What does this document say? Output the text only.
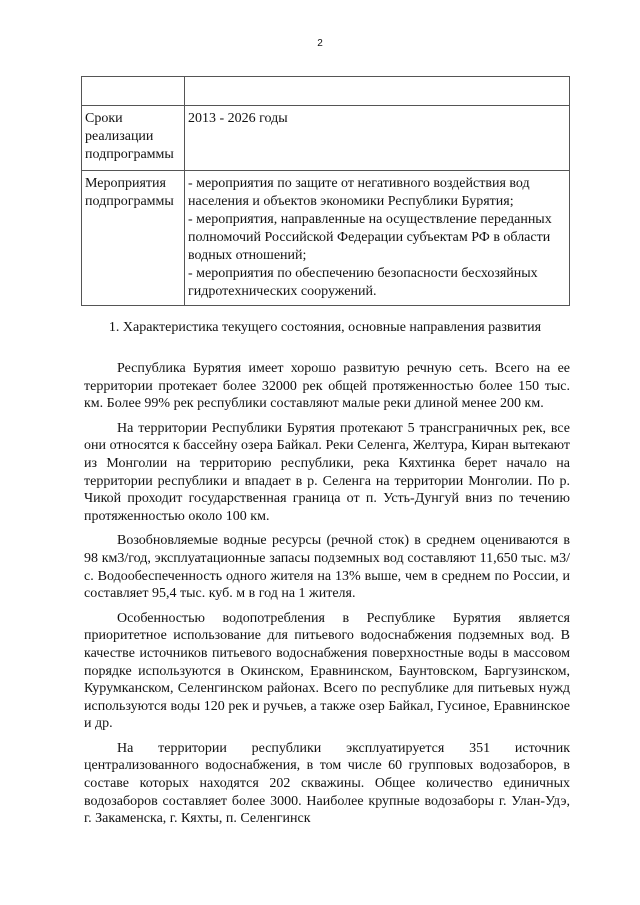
2

Сроки реализации подпрограммы	2013 - 2026 годы
Мероприятия подпрограммы	- мероприятия по защите от негативного воздействия вод населения и объектов экономики Республики Бурятия;
- мероприятия, направленные на осуществление переданных полномочий Российской Федерации субъектам РФ в области водных отношений;
- мероприятия по обеспечению безопасности бесхозяйных гидротехнических сооружений.
1. Характеристика текущего состояния, основные направления развития

Республика Бурятия имеет хорошо развитую речную сеть. Всего на ее территории протекает более 32000 рек общей протяженностью более 150 тыс. км. Более 99% рек республики составляют малые реки длиной менее 200 км.

На территории Республики Бурятия протекают 5 трансграничных рек, все они относятся к бассейну озера Байкал. Реки Селенга, Желтура, Киран вытекают из Монголии на территорию республики, река Кяхтинка берет начало на территории республики и впадает в р. Селенга на территории Монголии. По р. Чикой проходит государственная граница от п. Усть-Дунгуй вниз по течению протяженностью около 100 км.

Возобновляемые водные ресурсы (речной сток) в среднем оцениваются в 98 км3/год, эксплуатационные запасы подземных вод составляют 11,650 тыс. м3/с. Водообеспеченность одного жителя на 13% выше, чем в среднем по России, и составляет 95,4 тыс. куб. м в год на 1 жителя.

Особенностью водопотребления в Республике Бурятия является приоритетное использование для питьевого водоснабжения подземных вод. В качестве источников питьевого водоснабжения поверхностные воды в массовом порядке используются в Окинском, Еравнинском, Баунтовском, Баргузинском, Курумканском, Селенгинском районах. Всего по республике для питьевых нужд используются воды 120 рек и ручьев, а также озер Байкал, Гусиное, Еравнинское и др.

На территории республики эксплуатируется 351 источник централизованного водоснабжения, в том числе 60 групповых водозаборов, в составе которых находятся 202 скважины. Общее количество единичных водозаборов составляет более 3000. Наиболее крупные водозаборы г. Улан-Удэ, г. Закаменска, г. Кяхты, п. Селенгинск
